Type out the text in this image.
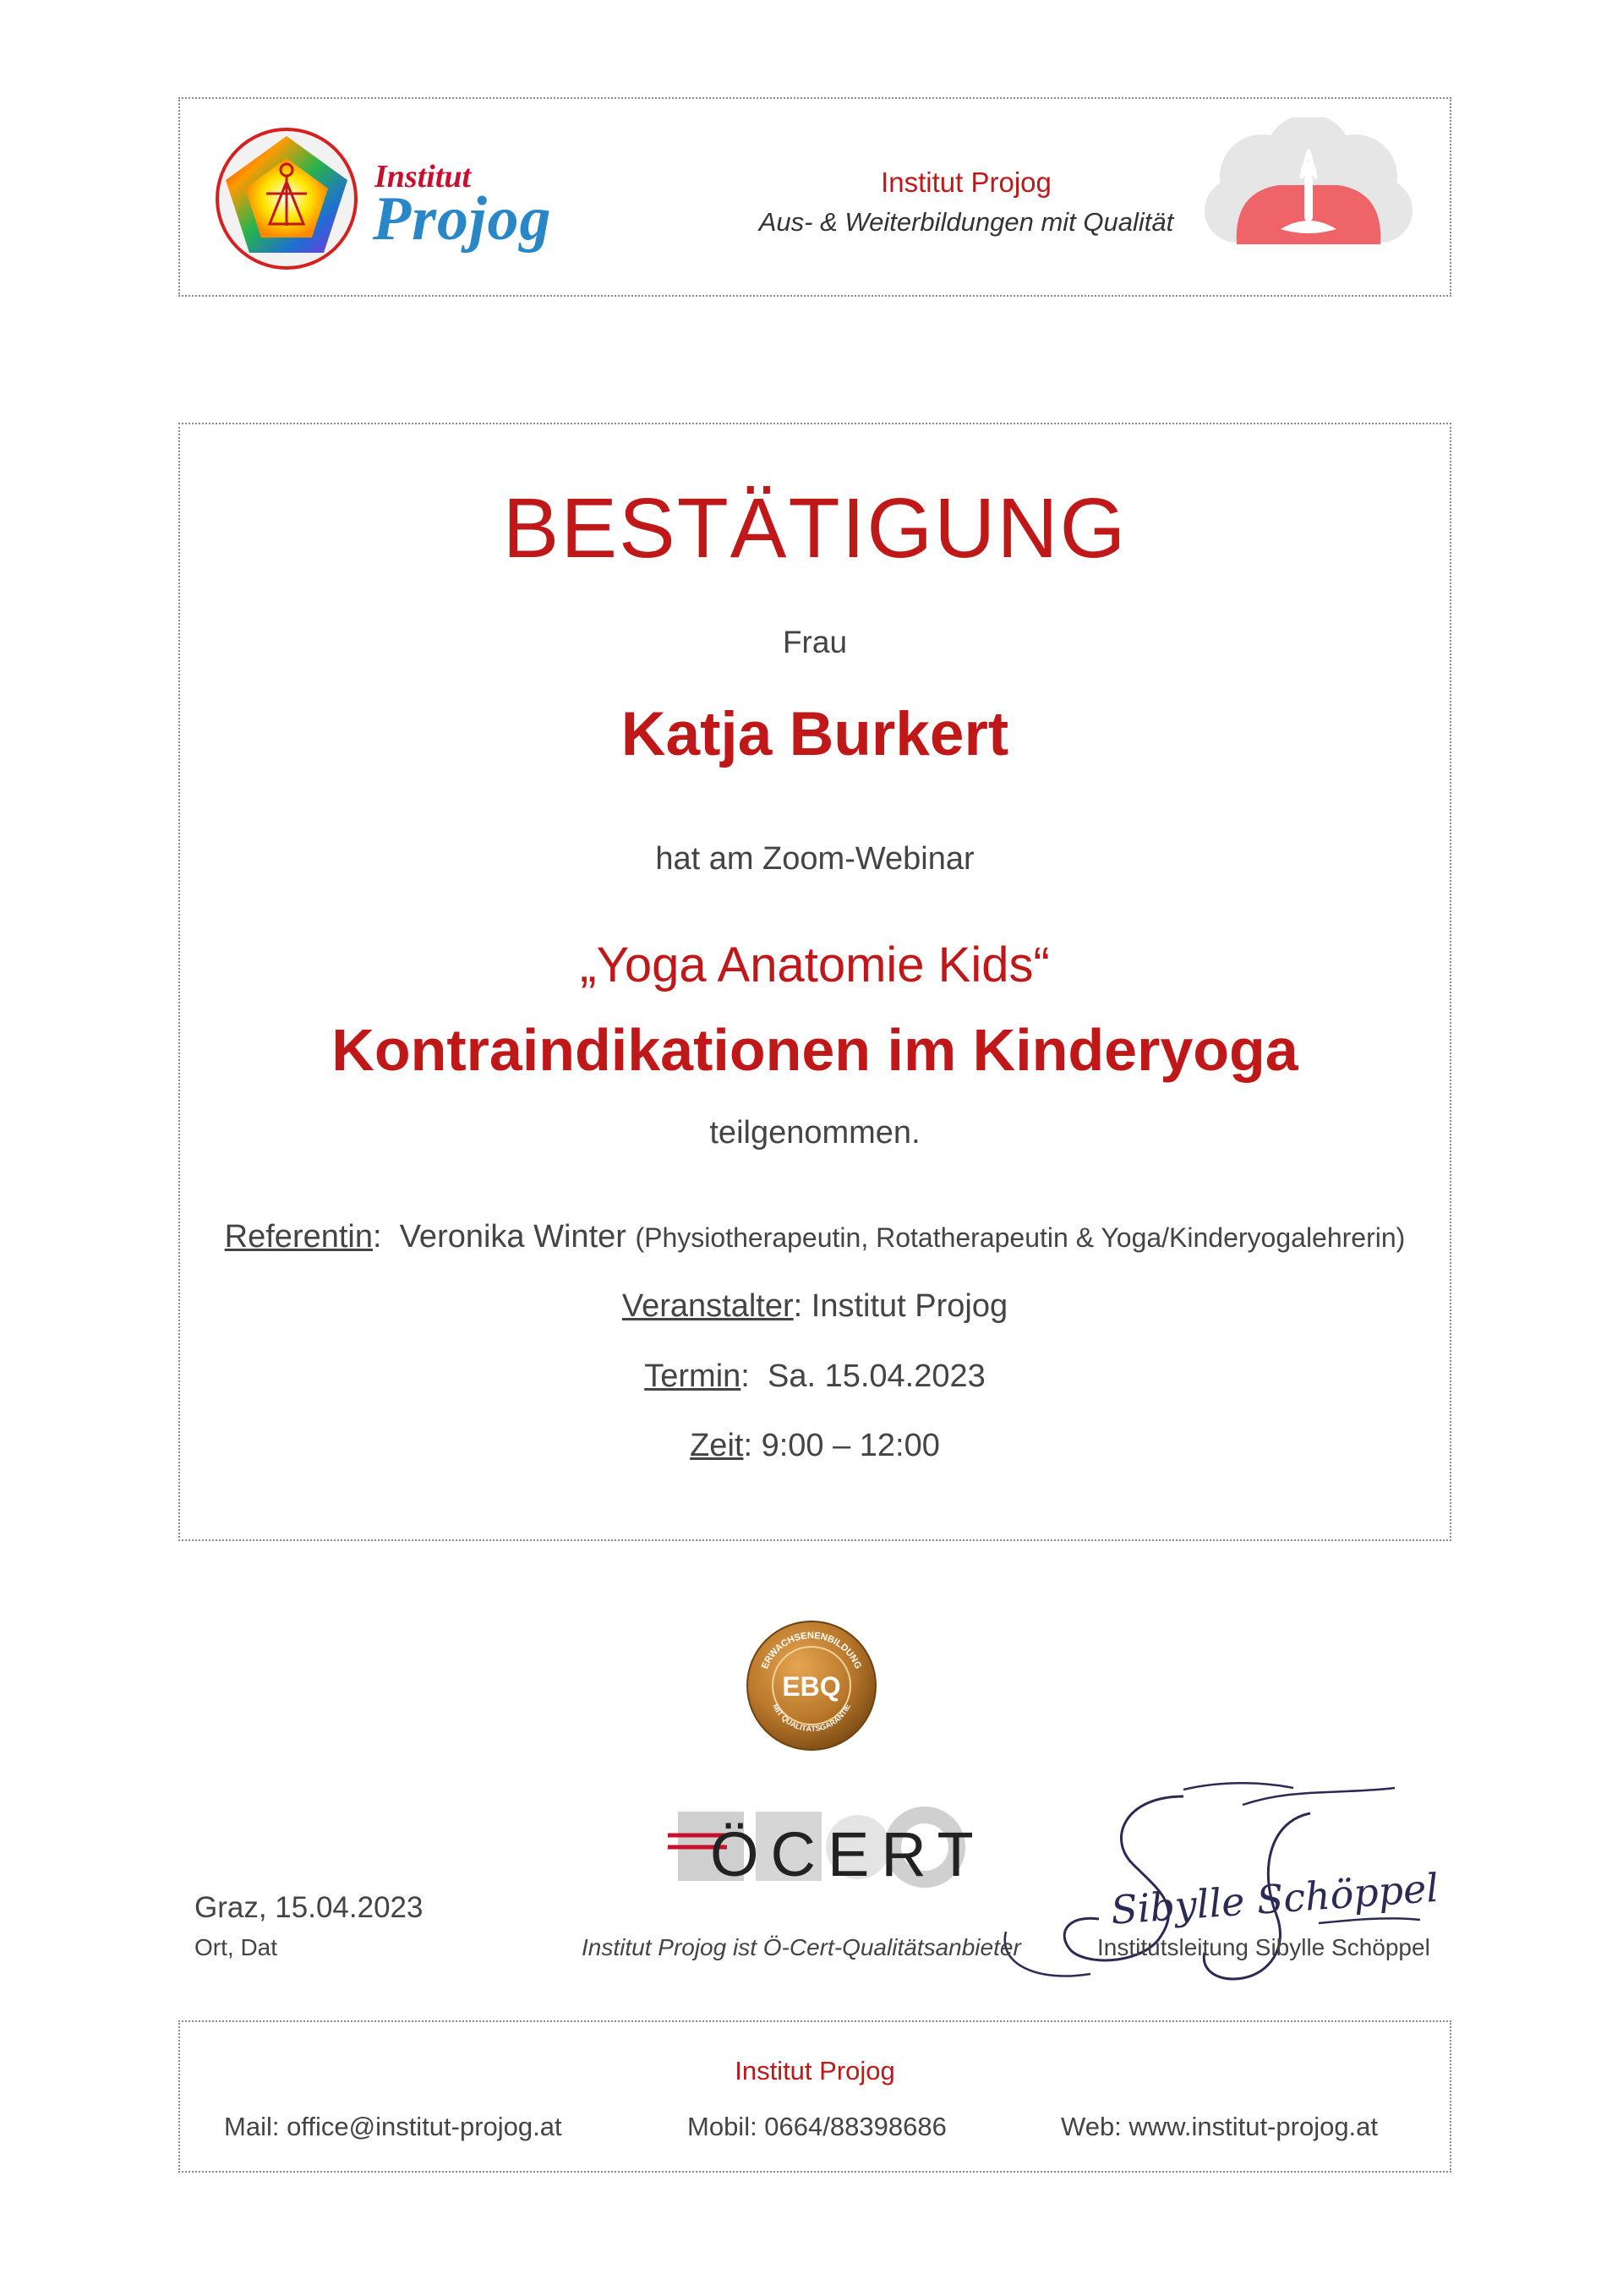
Institut
Projog
Institut Projog
Aus- & Weiterbildungen mit Qualität
BESTÄTIGUNG
Frau
Katja Burkert
hat am Zoom-Webinar
„Yoga Anatomie Kids“
Kontraindikationen im Kinderyoga
teilgenommen.
Referentin:  Veronika Winter (Physiotherapeutin, Rotatherapeutin & Yoga/Kinderyogalehrerin)
Veranstalter: Institut Projog
Termin:  Sa. 15.04.2023
Zeit: 9:00 – 12:00
ERWACHSENENBILDUNG
MIT QUALITÄTSGARANTIE
EBQ
ÖCERT
Sibylle Schöppel
Graz, 15.04.2023
Ort, Dat	Institut Projog ist Ö-Cert-Qualitätsanbieter	Institutsleitung Sibylle Schöppel
Institut Projog
Mail: office@institut-projog.at	Mobil: 0664/88398686	Web: www.institut-projog.at
